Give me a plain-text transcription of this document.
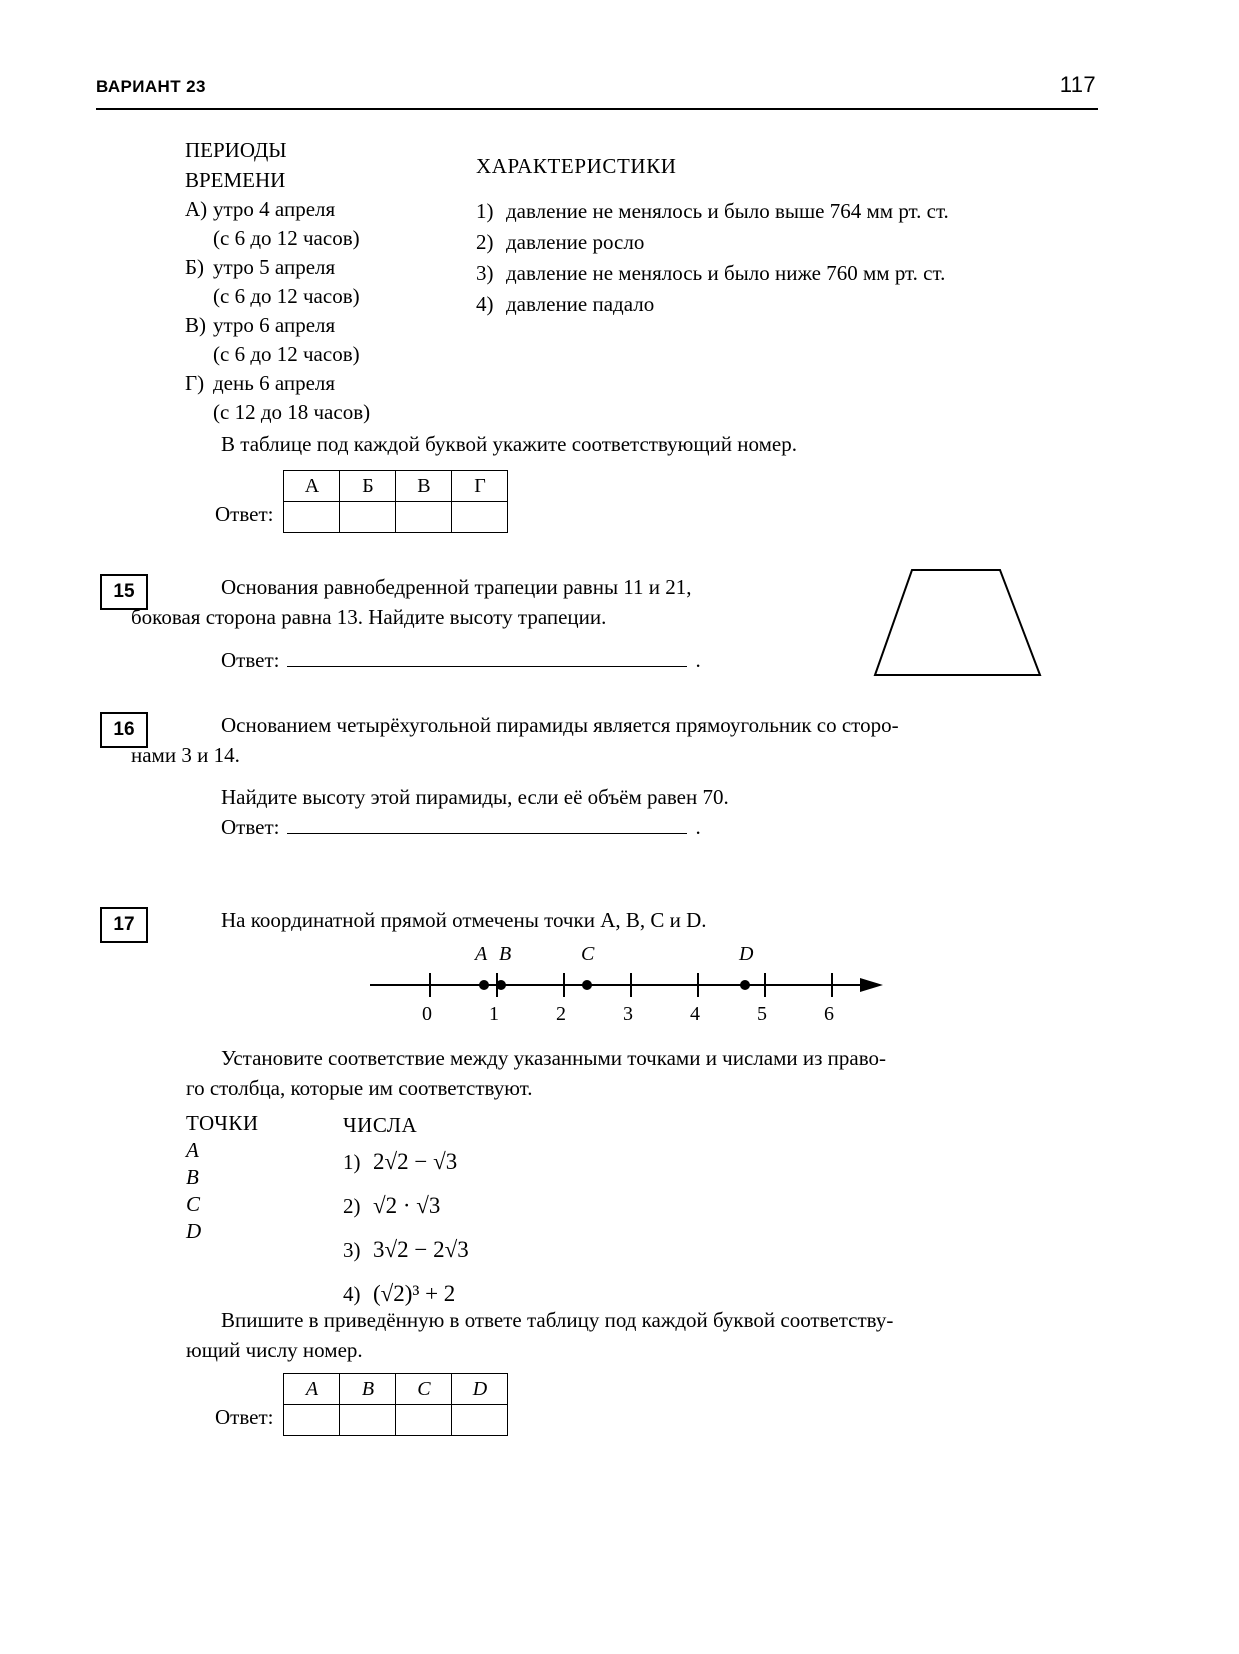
ВАРИАНТ 23	117
ПЕРИОДЫ
ВРЕМЕНИ
А) утро 4 апреля
(с 6 до 12 часов)
Б) утро 5 апреля
(с 6 до 12 часов)
В) утро 6 апреля
(с 6 до 12 часов)
Г) день 6 апреля
(с 12 до 18 часов)
ХАРАКТЕРИСТИКИ
1) давление не менялось и было выше 764 мм рт. ст.
2) давление росло
3) давление не менялось и было ниже 760 мм рт. ст.
4) давление падало
В таблице под каждой буквой укажите соответствующий номер.
Ответ:
А	Б	В	Г

15	Основания равнобедренной трапеции равны 11 и 21,
боковая сторона равна 13. Найдите высоту трапеции.
Ответ:	.
16	Основанием четырёхугольной пирамиды является прямоугольник со сторо-
нами 3 и 14.
Найдите высоту этой пирамиды, если её объём равен 70.
Ответ:	.
17	На координатной прямой отмечены точки A, B, C и D.
A B	C	D
0	1	2	3	4	5	6
Установите соответствие между указанными точками и числами из право-
го столбца, которые им соответствуют.
ТОЧКИ
A
B
C
D
ЧИСЛА
1) 2√2 − √3
2) √2 · √3
3) 3√2 − 2√3
4) (√2)³ + 2
Впишите в приведённую в ответе таблицу под каждой буквой соответству-
ющий числу номер.
Ответ:
A	B	C	D
